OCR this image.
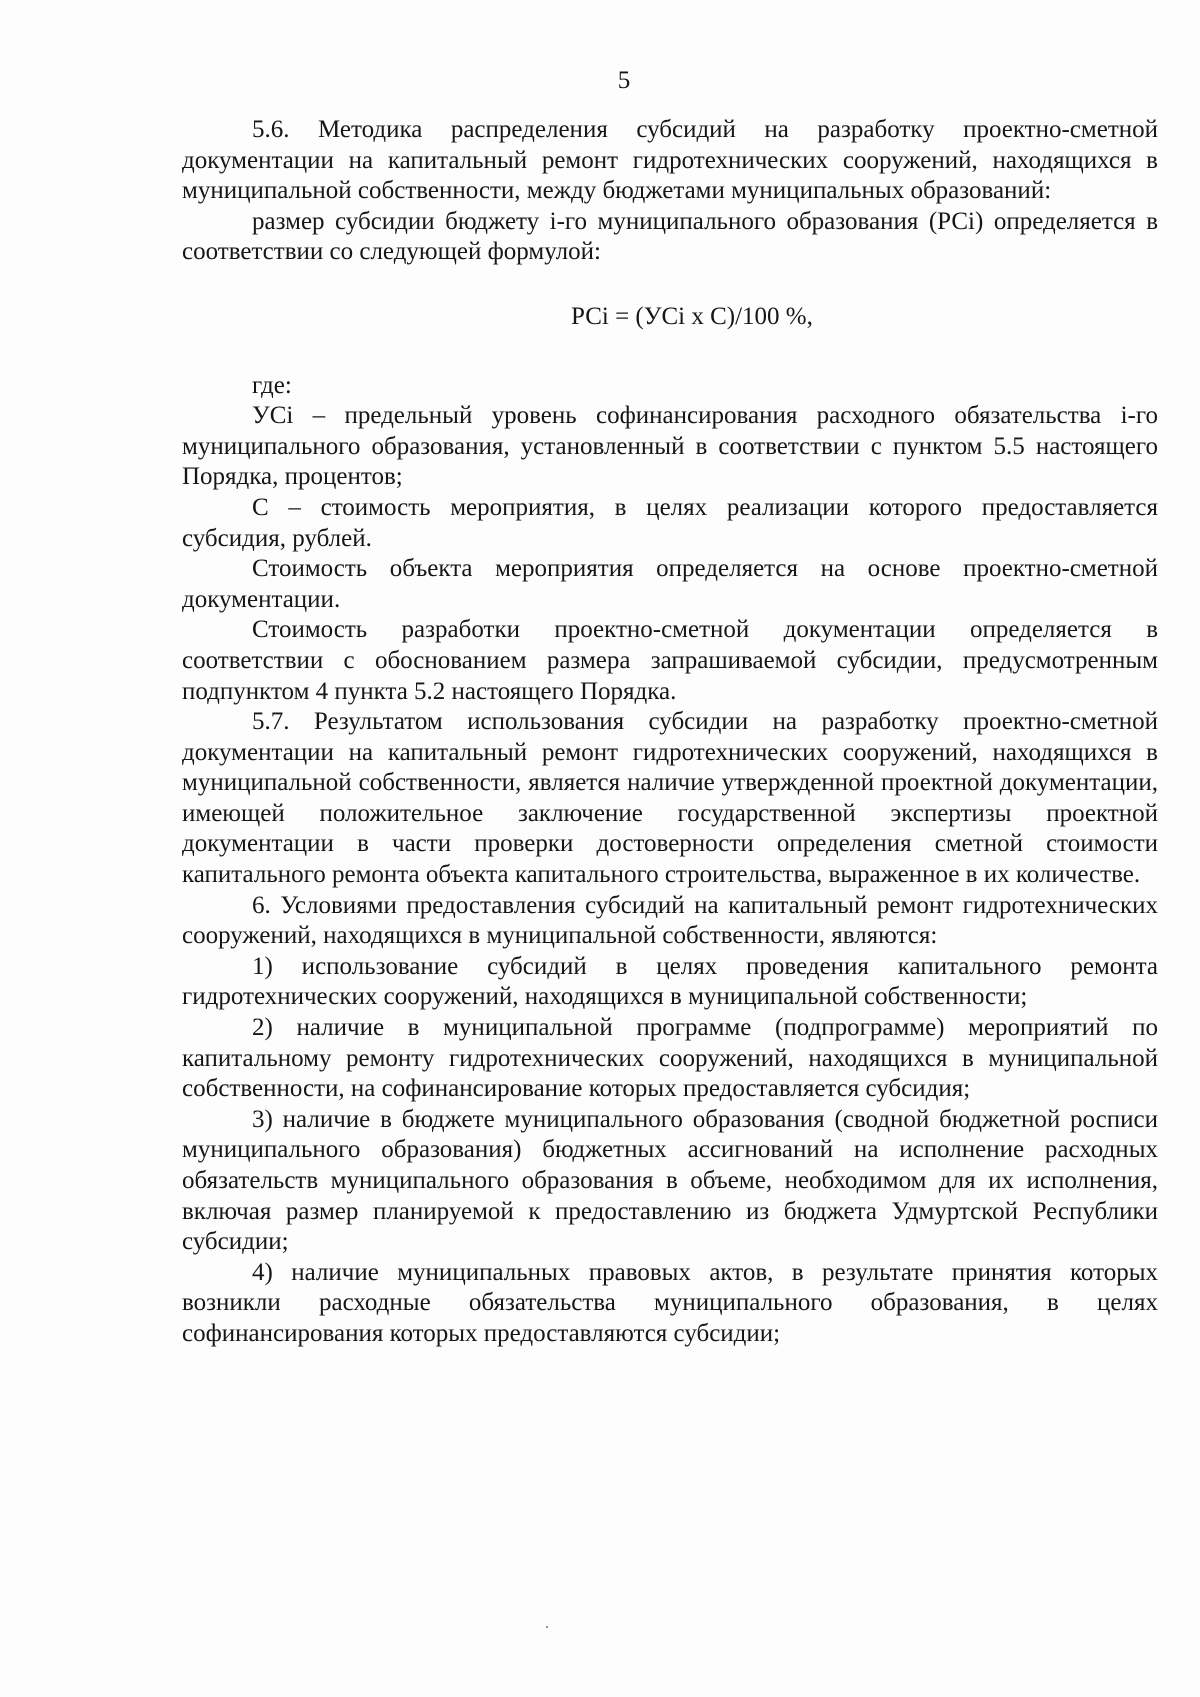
5

5.6. Методика распределения субсидий на разработку проектно-сметной документации на капитальный ремонт гидротехнических сооружений, находящихся в муниципальной собственности, между бюджетами муниципальных образований:

размер субсидии бюджету i-го муниципального образования (РСi) определяется в соответствии со следующей формулой:

РСi = (УСi x С)/100 %,

где:

УСi – предельный уровень софинансирования расходного обязательства i-го муниципального образования, установленный в соответствии с пунктом 5.5 настоящего Порядка, процентов;

С – стоимость мероприятия, в целях реализации которого предоставляется субсидия, рублей.

Стоимость объекта мероприятия определяется на основе проектно-сметной документации.

Стоимость разработки проектно-сметной документации определяется в соответствии с обоснованием размера запрашиваемой субсидии, предусмотренным подпунктом 4 пункта 5.2 настоящего Порядка.

5.7. Результатом использования субсидии на разработку проектно-сметной документации на капитальный ремонт гидротехнических сооружений, находящихся в муниципальной собственности, является наличие утвержденной проектной документации, имеющей положительное заключение государственной экспертизы проектной документации в части проверки достоверности определения сметной стоимости капитального ремонта объекта капитального строительства, выраженное в их количестве.

6. Условиями предоставления субсидий на капитальный ремонт гидротехнических сооружений, находящихся в муниципальной собственности, являются:

1) использование субсидий в целях проведения капитального ремонта гидротехнических сооружений, находящихся в муниципальной собственности;

2) наличие в муниципальной программе (подпрограмме) мероприятий по капитальному ремонту гидротехнических сооружений, находящихся в муниципальной собственности, на софинансирование которых предоставляется субсидия;

3) наличие в бюджете муниципального образования (сводной бюджетной росписи муниципального образования) бюджетных ассигнований на исполнение расходных обязательств муниципального образования в объеме, необходимом для их исполнения, включая размер планируемой к предоставлению из бюджета Удмуртской Республики субсидии;

4) наличие муниципальных правовых актов, в результате принятия которых возникли расходные обязательства муниципального образования, в целях софинансирования которых предоставляются субсидии;
